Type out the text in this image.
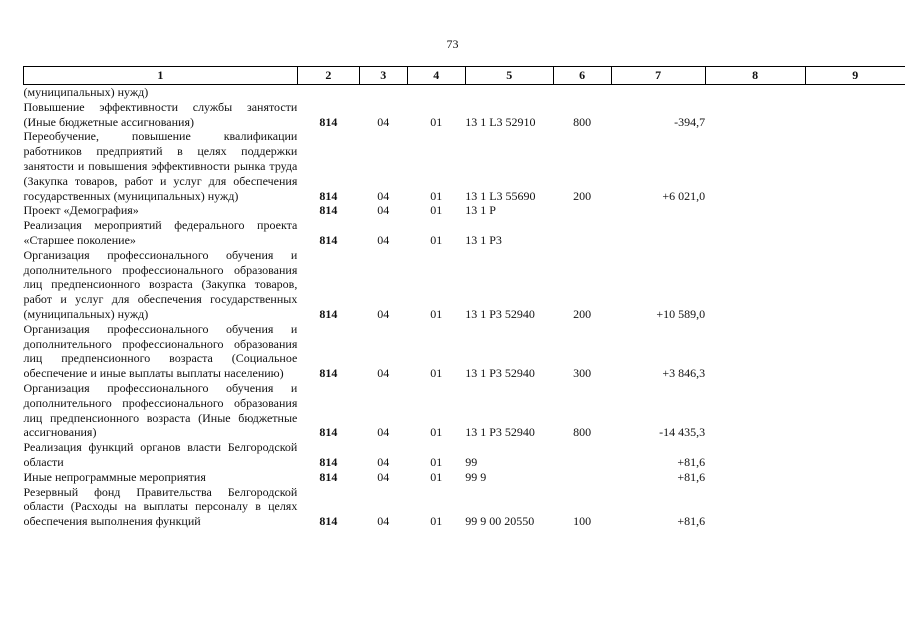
73
1	2	3	4	5	6	7	8	9

(муниципальных) нужд)								

Повышение эффективности службы занятости (Иные бюджетные ассигнования)	814	04	01	13 1 L3 52910	800	-394,7		

Переобучение, повышение квалификации работников предприятий в целях поддержки занятости и повышения эффективности рынка труда (Закупка товаров, работ и услуг для обеспечения государственных (муниципальных) нужд)	814	04	01	13 1 L3 55690	200	+6 021,0		

Проект «Демография»	814	04	01	13 1 P				

Реализация мероприятий федерального проекта «Старшее поколение»	814	04	01	13 1 P3				

Организация профессионального обучения и дополнительного профессионального образования лиц предпенсионного возраста (Закупка товаров, работ и услуг для обеспечения государственных (муниципальных) нужд)	814	04	01	13 1 P3 52940	200	+10 589,0		

Организация профессионального обучения и дополнительного профессионального образования лиц предпенсионного возраста (Социальное обеспечение и иные выплаты выплаты населению)	814	04	01	13 1 P3 52940	300	+3 846,3		

Организация профессионального обучения и дополнительного профессионального образования лиц предпенсионного возраста (Иные бюджетные ассигнования)	814	04	01	13 1 P3 52940	800	-14 435,3		

Реализация функций органов власти Белгородской области	814	04	01	99		+81,6		

Иные непрограммные мероприятия	814	04	01	99 9		+81,6		

Резервный фонд Правительства Белгородской области (Расходы на выплаты персоналу в целях обеспечения выполнения функций	814	04	01	99 9 00 20550	100	+81,6		
